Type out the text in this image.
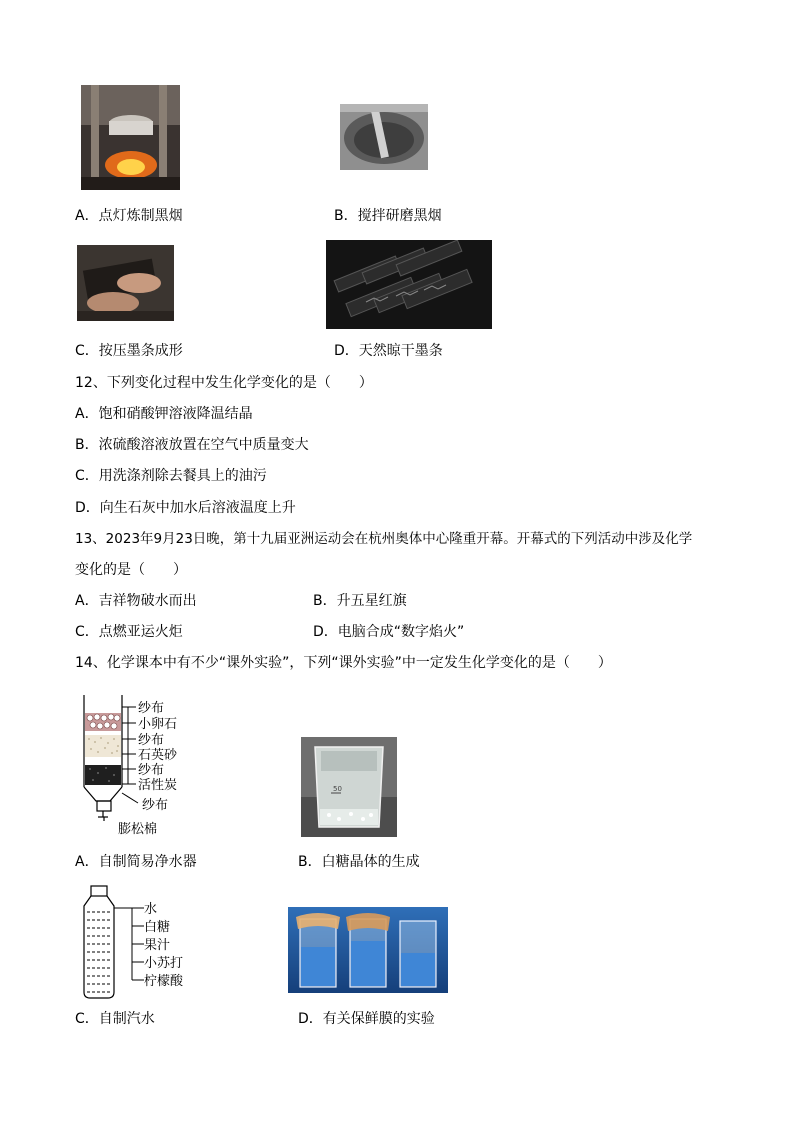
A．点灯炼制黑烟	B．搅拌研磨黑烟
C．按压墨条成形	D．天然晾干墨条
12、下列变化过程中发生化学变化的是（　　）
A．饱和硝酸钾溶液降温结晶
B．浓硫酸溶液放置在空气中质量变大
C．用洗涤剂除去餐具上的油污
D．向生石灰中加水后溶液温度上升
13、2023年9月23日晚，第十九届亚洲运动会在杭州奥体中心隆重开幕。开幕式的下列活动中涉及化学
变化的是（　　）
A．吉祥物破水而出	B．升五星红旗
C．点燃亚运火炬	D．电脑合成“数字焰火”
14、化学课本中有不少“课外实验”，下列“课外实验”中一定发生化学变化的是（　　）
纱布
小卵石
纱布
石英砂
纱布
活性炭
纱布
膨松棉
50
A．自制简易净水器	B．白糖晶体的生成
水
白糖
果汁
小苏打
柠檬酸
C．自制汽水	D．有关保鲜膜的实验
